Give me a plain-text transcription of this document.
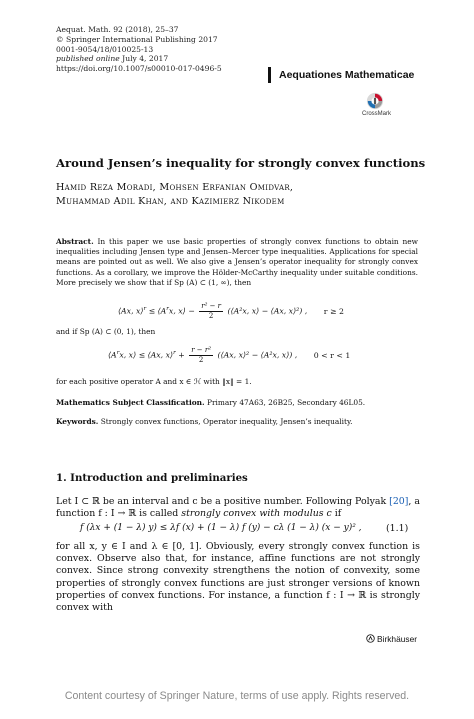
Aequat. Math. 92 (2018), 25–37
© Springer International Publishing 2017
0001-9054/18/010025-13
published online July 4, 2017
https://doi.org/10.1007/s00010-017-0496-5
Aequationes Mathematicae
CrossMark
Around Jensen’s inequality for strongly convex functions
Hamid Reza Moradi, Mohsen Erfanian Omidvar,
Muhammad Adil Khan, and Kazimierz Nikodem
Abstract. In this paper we use basic properties of strongly convex functions to obtain new inequalities including Jensen type and Jensen–Mercer type inequalities. Applications for special means are pointed out as well. We also give a Jensen’s operator inequality for strongly convex functions. As a corollary, we improve the Hölder-McCarthy inequality under suitable conditions. More precisely we show that if Sp (A) ⊂ (1, ∞), then
⟨Ax, x⟩$^r$ ≤ $⟨A^rx$, x⟩ − $\frac{\text{r² − r}}{2}$ (⟨A²x, x⟩ − ⟨Ax, x⟩²) , r ≥ 2
and if Sp (A) ⊂ (0, 1), then
$⟨A^rx$, x⟩ ≤ ⟨Ax, x⟩$^r$ + $\frac{\text{r − r²}}{2}$ (⟨Ax, x⟩² − ⟨A²x, x⟩) , 0 < r < 1
for each positive operator A and x ∈ ℋ with ‖x‖ = 1.
Mathematics Subject Classification. Primary 47A63, 26B25, Secondary 46L05.
Keywords. Strongly convex functions, Operator inequality, Jensen’s inequality.
1. Introduction and preliminaries
Let I ⊂ ℝ be an interval and c be a positive number. Following Polyak [20], a function f : I → ℝ is called strongly convex with modulus c if
f (λx + (1 − λ) y) ≤ λf (x) + (1 − λ) f (y) − cλ (1 − λ) (x − y)² ,	(1.1)
for all x, y ∈ I and λ ∈ [0, 1]. Obviously, every strongly convex function is convex. Observe also that, for instance, affine functions are not strongly convex. Since strong convexity strengthens the notion of convexity, some properties of strongly convex functions are just stronger versions of known properties of convex functions. For instance, a function f : I → ℝ is strongly convex with
Birkhäuser
Content courtesy of Springer Nature, terms of use apply. Rights reserved.
